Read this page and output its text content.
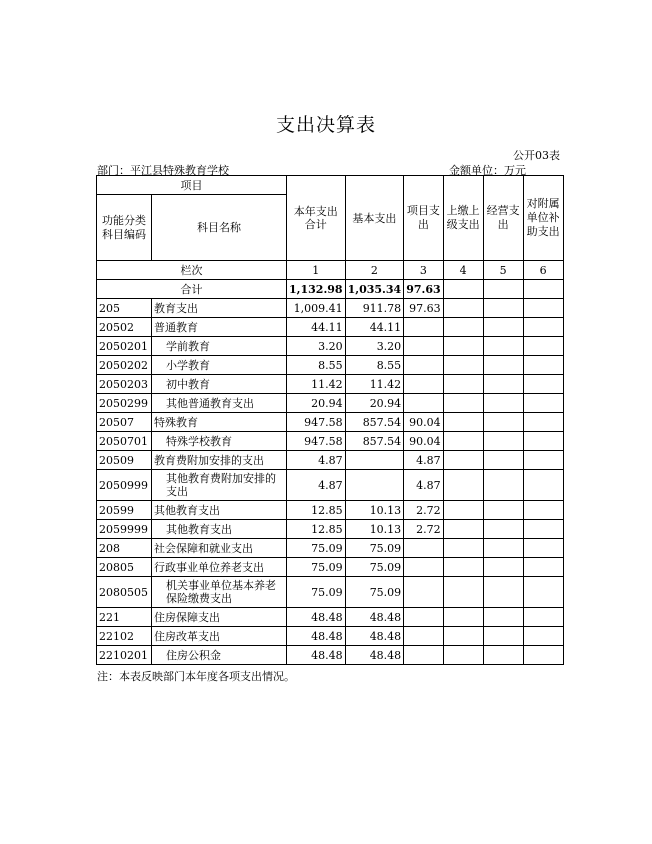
支出决算表
公开03表
部门：平江县特殊教育学校	金额单位：万元
项目		本年支出合计	基本支出	项目支出	上缴上级支出	经营支出	对附属单位补助支出
功能分类科目编码	科目名称						
栏次		1	2	3	4	5	6
合计		1,132.98	1,035.34	97.63			
205	教育支出	1,009.41	911.78	97.63			
20502	普通教育	44.11	44.11				
2050201	学前教育	3.20	3.20				
2050202	小学教育	8.55	8.55				
2050203	初中教育	11.42	11.42				
2050299	其他普通教育支出	20.94	20.94				
20507	特殊教育	947.58	857.54	90.04			
2050701	特殊学校教育	947.58	857.54	90.04			
20509	教育费附加安排的支出	4.87		4.87			
2050999	其他教育费附加安排的支出	4.87		4.87			
20599	其他教育支出	12.85	10.13	2.72			
2059999	其他教育支出	12.85	10.13	2.72			
208	社会保障和就业支出	75.09	75.09				
20805	行政事业单位养老支出	75.09	75.09				
2080505	机关事业单位基本养老保险缴费支出	75.09	75.09				
221	住房保障支出	48.48	48.48				
22102	住房改革支出	48.48	48.48				
2210201	住房公积金	48.48	48.48				
注：本表反映部门本年度各项支出情况。
